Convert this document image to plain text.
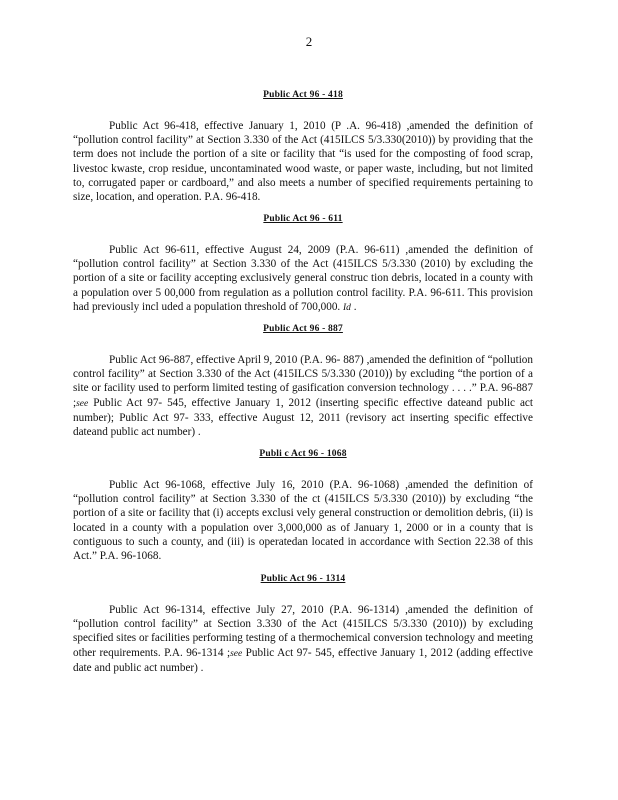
2
Public Act 96 - 418

Public Act 96-418, effective January 1, 2010 (P .A. 96-418) ,amended the definition of “pollution control facility” at Section 3.330 of the Act (415ILCS 5/3.330(2010)) by providing that the term does not include the portion of a site or facility that “is used for the composting of food scrap, livestoc kwaste, crop residue, uncontaminated wood waste, or paper waste, including, but not limited to, corrugated paper or cardboard,” and also meets a number of specified requirements pertaining to size, location, and operation. P.A. 96-418.

Public Act 96 - 611

Public Act 96-611, effective August 24, 2009 (P.A. 96-611) ,amended the definition of “pollution control facility” at Section 3.330 of the Act (415ILCS 5/3.330 (2010) by excluding the portion of a site or facility accepting exclusively general construc tion debris, located in a county with a population over 5 00,000 from regulation as a pollution control facility. P.A. 96-611. This provision had previously incl uded a population threshold of 700,000. Id .

Public Act 96 - 887

Public Act 96-887, effective April 9, 2010 (P.A. 96- 887) ,amended the definition of “pollution control facility” at Section 3.330 of the Act (415ILCS 5/3.330 (2010)) by excluding “the portion of a site or facility used to perform limited testing of gasification conversion technology . . . .” P.A. 96-887 ;see Public Act 97- 545, effective January 1, 2012 (inserting specific effective dateand public act number); Public Act 97- 333, effective August 12, 2011 (revisory act inserting specific effective dateand public act number) .

Publi c Act 96 - 1068

Public Act 96-1068, effective July 16, 2010 (P.A. 96-1068) ,amended the definition of “pollution control facility” at Section 3.330 of the ct (415ILCS 5/3.330 (2010)) by excluding “the portion of a site or facility that (i) accepts exclusi vely general construction or demolition debris, (ii) is located in a county with a population over 3,000,000 as of January 1, 2000 or in a county that is contiguous to such a county, and (iii) is operatedan located in accordance with Section 22.38 of this Act.” P.A. 96-1068.

Public Act 96 - 1314

Public Act 96-1314, effective July 27, 2010 (P.A. 96-1314) ,amended the definition of “pollution control facility” at Section 3.330 of the Act (415ILCS 5/3.330 (2010)) by excluding specified sites or facilities performing testing of a thermochemical conversion technology and meeting other requirements. P.A. 96-1314 ;see Public Act 97- 545, effective January 1, 2012 (adding effective date and public act number) .
